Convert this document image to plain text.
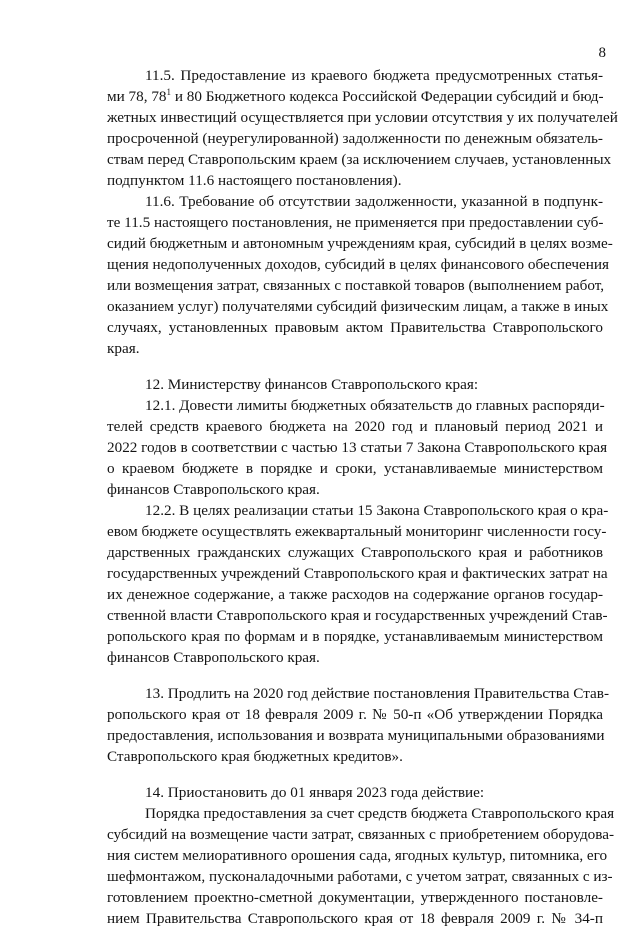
8
11.5. Предоставление из краевого бюджета предусмотренных статья-
ми 78, $78^1$ и 80 Бюджетного кодекса Российской Федерации субсидий и бюд-
жетных инвестиций осуществляется при условии отсутствия у их получателей
просроченной (неурегулированной) задолженности по денежным обязатель-
ствам перед Ставропольским краем (за исключением случаев, установленных
подпунктом 11.6 настоящего постановления).
11.6. Требование об отсутствии задолженности, указанной в подпунк-
те 11.5 настоящего постановления, не применяется при предоставлении суб-
сидий бюджетным и автономным учреждениям края, субсидий в целях возме-
щения недополученных доходов, субсидий в целях финансового обеспечения
или возмещения затрат, связанных с поставкой товаров (выполнением работ,
оказанием услуг) получателями субсидий физическим лицам, а также в иных
случаях, установленных правовым актом Правительства Ставропольского
края.
12. Министерству финансов Ставропольского края:
12.1. Довести лимиты бюджетных обязательств до главных распоряди-
телей средств краевого бюджета на 2020 год и плановый период 2021 и
2022 годов в соответствии с частью 13 статьи 7 Закона Ставропольского края
о краевом бюджете в порядке и сроки, устанавливаемые министерством
финансов Ставропольского края.
12.2. В целях реализации статьи 15 Закона Ставропольского края о кра-
евом бюджете осуществлять ежеквартальный мониторинг численности госу-
дарственных гражданских служащих Ставропольского края и работников
государственных учреждений Ставропольского края и фактических затрат на
их денежное содержание, а также расходов на содержание органов государ-
ственной власти Ставропольского края и государственных учреждений Став-
ропольского края по формам и в порядке, устанавливаемым министерством
финансов Ставропольского края.
13. Продлить на 2020 год действие постановления Правительства Став-
ропольского края от 18 февраля 2009 г. № 50-п «Об утверждении Порядка
предоставления, использования и возврата муниципальными образованиями
Ставропольского края бюджетных кредитов».
14. Приостановить до 01 января 2023 года действие:
Порядка предоставления за счет средств бюджета Ставропольского края
субсидий на возмещение части затрат, связанных с приобретением оборудова-
ния систем мелиоративного орошения сада, ягодных культур, питомника, его
шефмонтажом, пусконаладочными работами, с учетом затрат, связанных с из-
готовлением проектно-сметной документации, утвержденного постановле-
нием Правительства Ставропольского края от 18 февраля 2009 г. № 34-п
